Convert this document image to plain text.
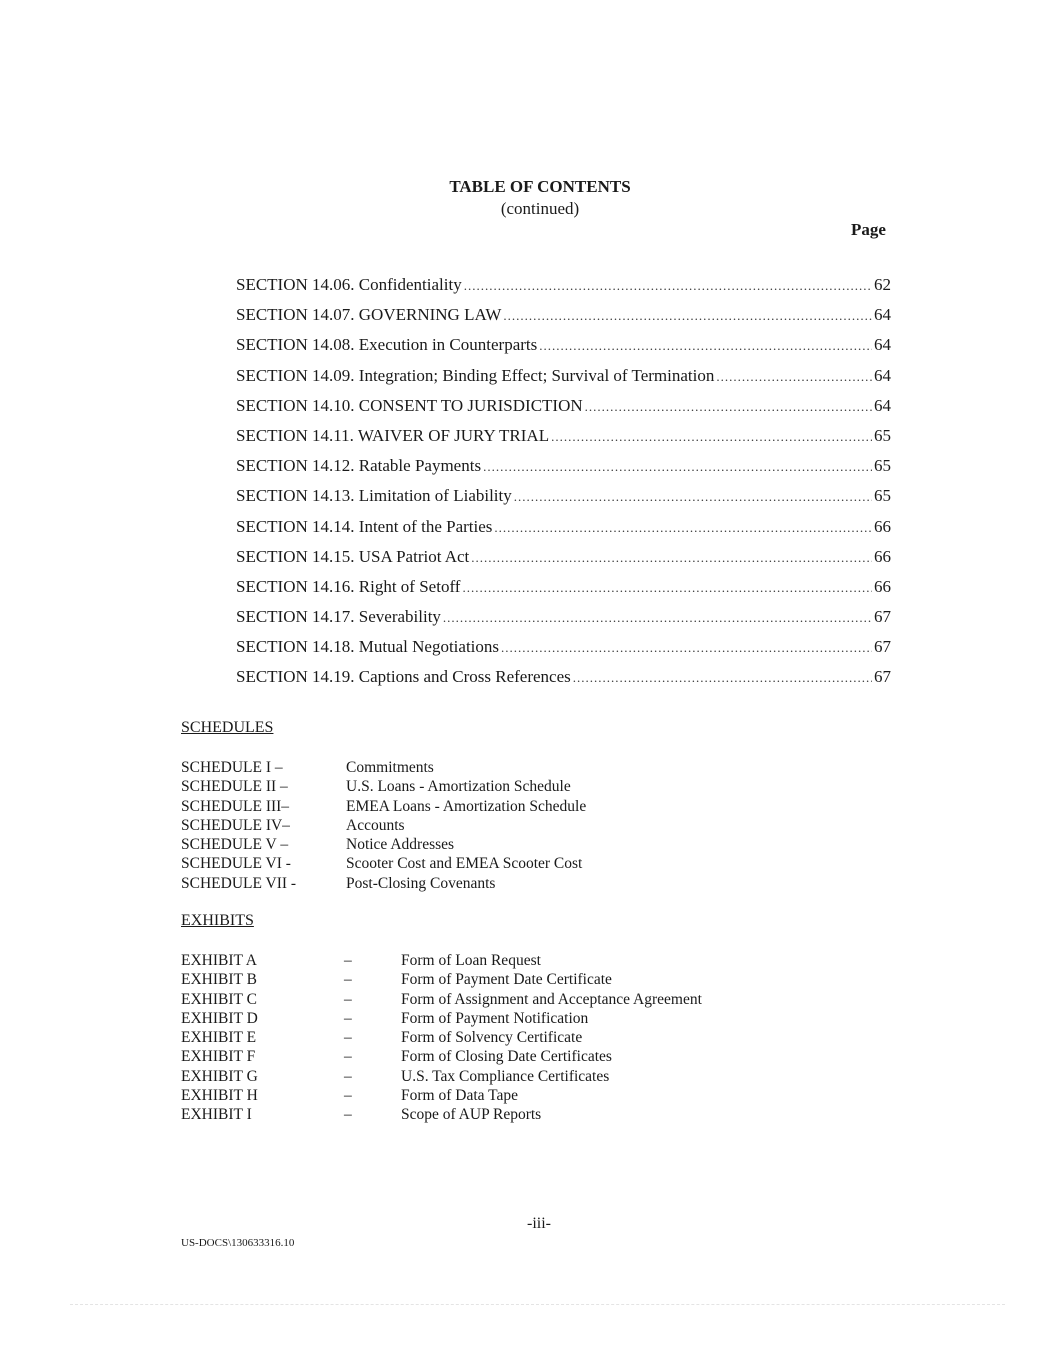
TABLE OF CONTENTS
(continued)
Page
SECTION 14.06. Confidentiality .....	62
SECTION 14.07. GOVERNING LAW .....	64
SECTION 14.08. Execution in Counterparts .....	64
SECTION 14.09. Integration; Binding Effect; Survival of Termination .....	64
SECTION 14.10. CONSENT TO JURISDICTION .....	64
SECTION 14.11. WAIVER OF JURY TRIAL .....	65
SECTION 14.12. Ratable Payments .....	65
SECTION 14.13. Limitation of Liability .....	65
SECTION 14.14. Intent of the Parties .....	66
SECTION 14.15. USA Patriot Act .....	66
SECTION 14.16. Right of Setoff .....	66
SECTION 14.17. Severability .....	67
SECTION 14.18. Mutual Negotiations .....	67
SECTION 14.19. Captions and Cross References .....	67
SCHEDULES
SCHEDULE I –	Commitments
SCHEDULE II –	U.S. Loans - Amortization Schedule
SCHEDULE III–	EMEA Loans - Amortization Schedule
SCHEDULE IV–	Accounts
SCHEDULE V –	Notice Addresses
SCHEDULE VI -	Scooter Cost and EMEA Scooter Cost
SCHEDULE VII -	Post-Closing Covenants
EXHIBITS
EXHIBIT A	–	Form of Loan Request
EXHIBIT B	–	Form of Payment Date Certificate
EXHIBIT C	–	Form of Assignment and Acceptance Agreement
EXHIBIT D	–	Form of Payment Notification
EXHIBIT E	–	Form of Solvency Certificate
EXHIBIT F	–	Form of Closing Date Certificates
EXHIBIT G	–	U.S. Tax Compliance Certificates
EXHIBIT H	–	Form of Data Tape
EXHIBIT I	–	Scope of AUP Reports
-iii-
US-DOCS\130633316.10
